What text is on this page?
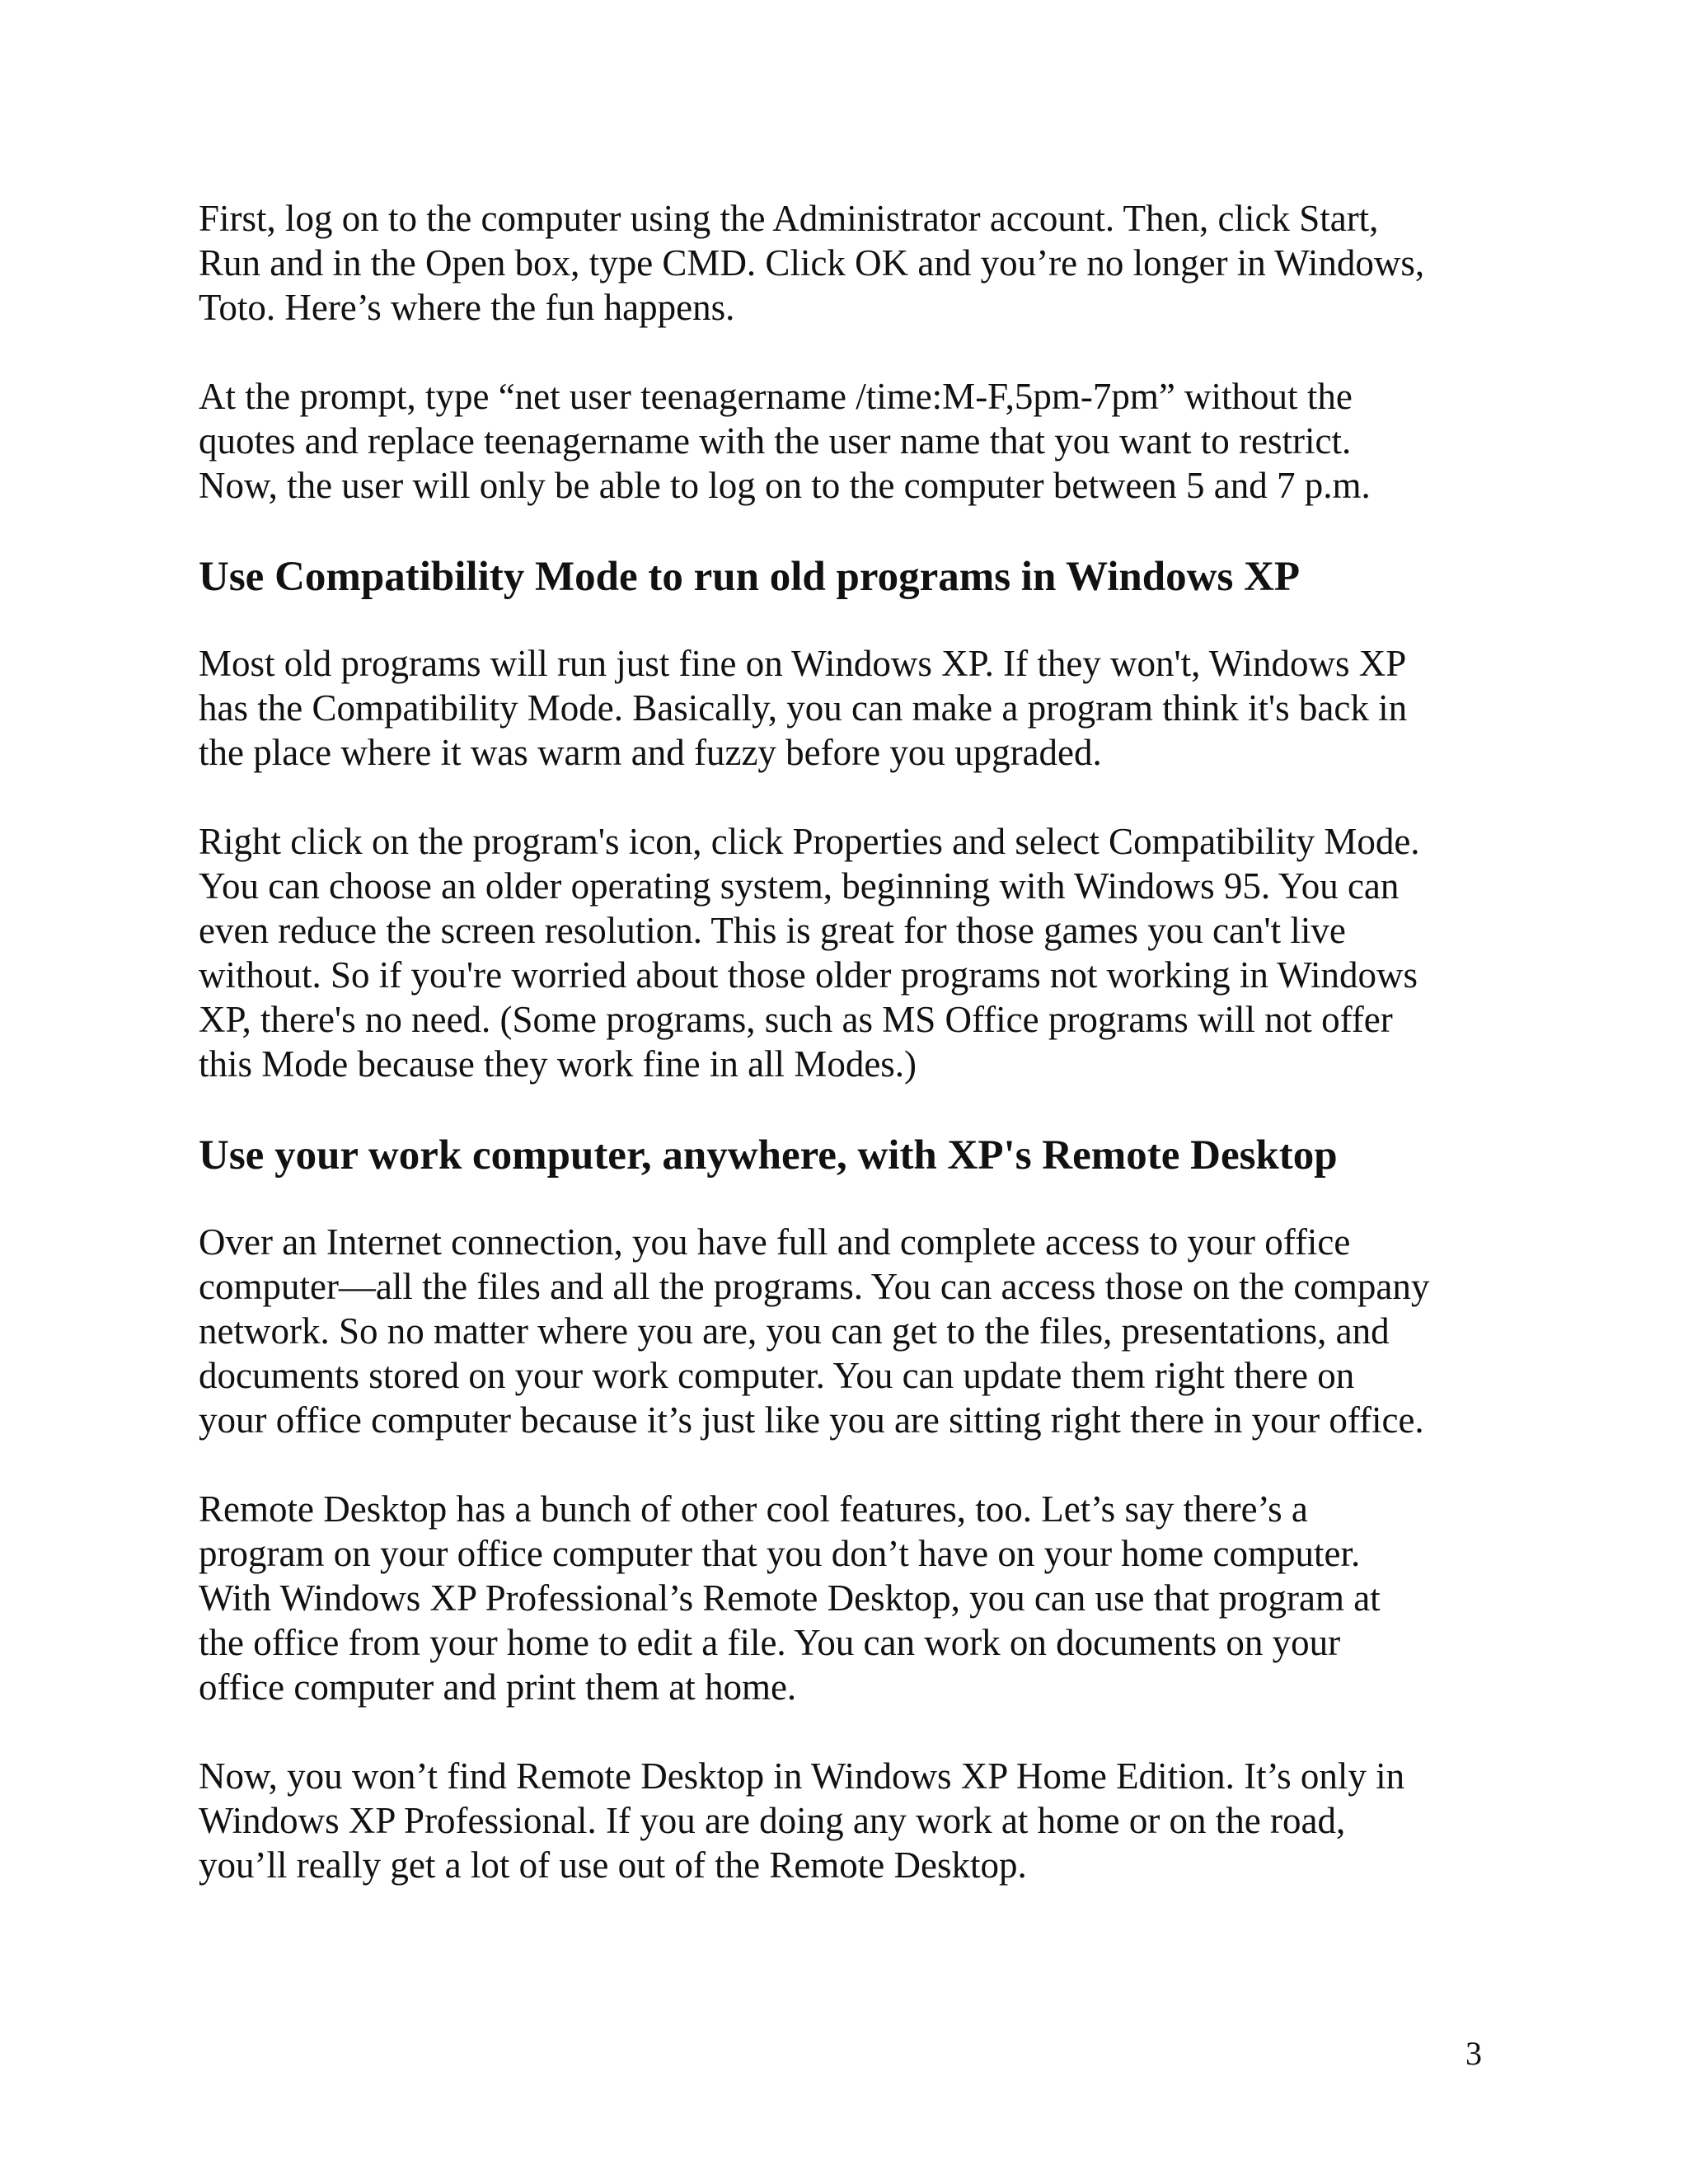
First, log on to the computer using the Administrator account. Then, click Start,
Run and in the Open box, type CMD. Click OK and you’re no longer in Windows,
Toto. Here’s where the fun happens.

At the prompt, type “net user teenagername /time:M-F,5pm-7pm” without the
quotes and replace teenagername with the user name that you want to restrict.
Now, the user will only be able to log on to the computer between 5 and 7 p.m.

Use Compatibility Mode to run old programs in Windows XP

Most old programs will run just fine on Windows XP. If they won't, Windows XP
has the Compatibility Mode. Basically, you can make a program think it's back in
the place where it was warm and fuzzy before you upgraded.

Right click on the program's icon, click Properties and select Compatibility Mode.
You can choose an older operating system, beginning with Windows 95. You can
even reduce the screen resolution. This is great for those games you can't live
without. So if you're worried about those older programs not working in Windows
XP, there's no need. (Some programs, such as MS Office programs will not offer
this Mode because they work fine in all Modes.)

Use your work computer, anywhere, with XP's Remote Desktop

Over an Internet connection, you have full and complete access to your office
computer—all the files and all the programs. You can access those on the company
network. So no matter where you are, you can get to the files, presentations, and
documents stored on your work computer. You can update them right there on
your office computer because it’s just like you are sitting right there in your office.

Remote Desktop has a bunch of other cool features, too. Let’s say there’s a
program on your office computer that you don’t have on your home computer.
With Windows XP Professional’s Remote Desktop, you can use that program at
the office from your home to edit a file. You can work on documents on your
office computer and print them at home.

Now, you won’t find Remote Desktop in Windows XP Home Edition. It’s only in
Windows XP Professional. If you are doing any work at home or on the road,
you’ll really get a lot of use out of the Remote Desktop.

3
